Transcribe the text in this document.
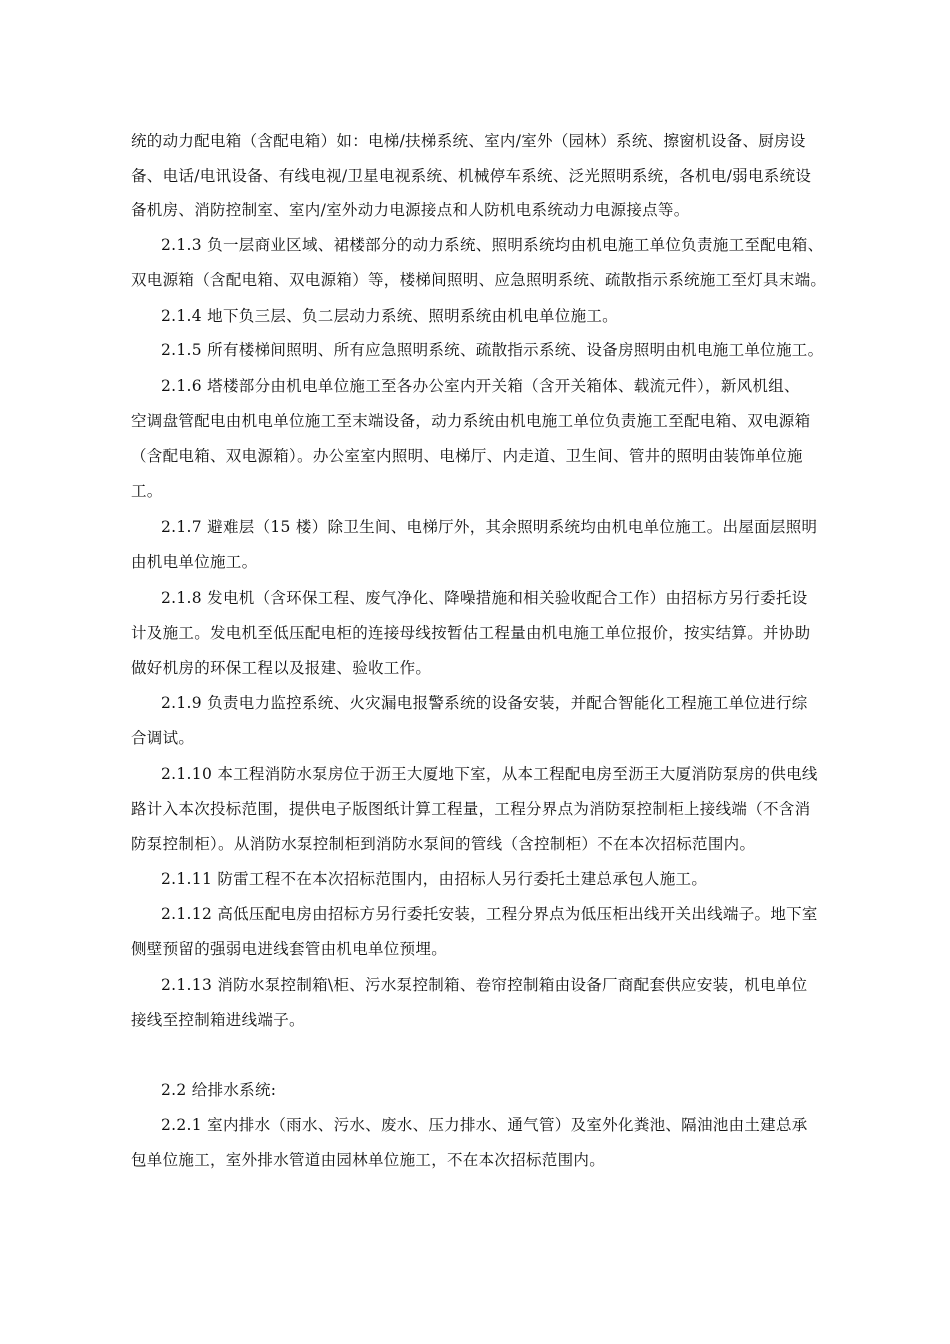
统的动力配电箱（含配电箱）如：电梯/扶梯系统、室内/室外（园林）系统、擦窗机设备、厨房设
备、电话/电讯设备、有线电视/卫星电视系统、机械停车系统、泛光照明系统，各机电/弱电系统设
备机房、消防控制室、室内/室外动力电源接点和人防机电系统动力电源接点等。
2.1.3 负一层商业区域、裙楼部分的动力系统、照明系统均由机电施工单位负责施工至配电箱、
双电源箱（含配电箱、双电源箱）等，楼梯间照明、应急照明系统、疏散指示系统施工至灯具末端。
2.1.4 地下负三层、负二层动力系统、照明系统由机电单位施工。
2.1.5 所有楼梯间照明、所有应急照明系统、疏散指示系统、设备房照明由机电施工单位施工。
2.1.6 塔楼部分由机电单位施工至各办公室内开关箱（含开关箱体、载流元件），新风机组、
空调盘管配电由机电单位施工至末端设备，动力系统由机电施工单位负责施工至配电箱、双电源箱
（含配电箱、双电源箱）。办公室室内照明、电梯厅、内走道、卫生间、管井的照明由装饰单位施
工。
2.1.7 避难层（15 楼）除卫生间、电梯厅外，其余照明系统均由机电单位施工。出屋面层照明
由机电单位施工。
2.1.8 发电机（含环保工程、废气净化、降噪措施和相关验收配合工作）由招标方另行委托设
计及施工。发电机至低压配电柜的连接母线按暂估工程量由机电施工单位报价，按实结算。并协助
做好机房的环保工程以及报建、验收工作。
2.1.9 负责电力监控系统、火灾漏电报警系统的设备安装，并配合智能化工程施工单位进行综
合调试。
2.1.10 本工程消防水泵房位于沥王大厦地下室，从本工程配电房至沥王大厦消防泵房的供电线
路计入本次投标范围，提供电子版图纸计算工程量，工程分界点为消防泵控制柜上接线端（不含消
防泵控制柜）。从消防水泵控制柜到消防水泵间的管线（含控制柜）不在本次招标范围内。
2.1.11 防雷工程不在本次招标范围内，由招标人另行委托土建总承包人施工。
2.1.12 高低压配电房由招标方另行委托安装，工程分界点为低压柜出线开关出线端子。地下室
侧壁预留的强弱电进线套管由机电单位预埋。
2.1.13 消防水泵控制箱\柜、污水泵控制箱、卷帘控制箱由设备厂商配套供应安装，机电单位
接线至控制箱进线端子。
2.2 给排水系统:
2.2.1 室内排水（雨水、污水、废水、压力排水、通气管）及室外化粪池、隔油池由土建总承
包单位施工，室外排水管道由园林单位施工，不在本次招标范围内。
